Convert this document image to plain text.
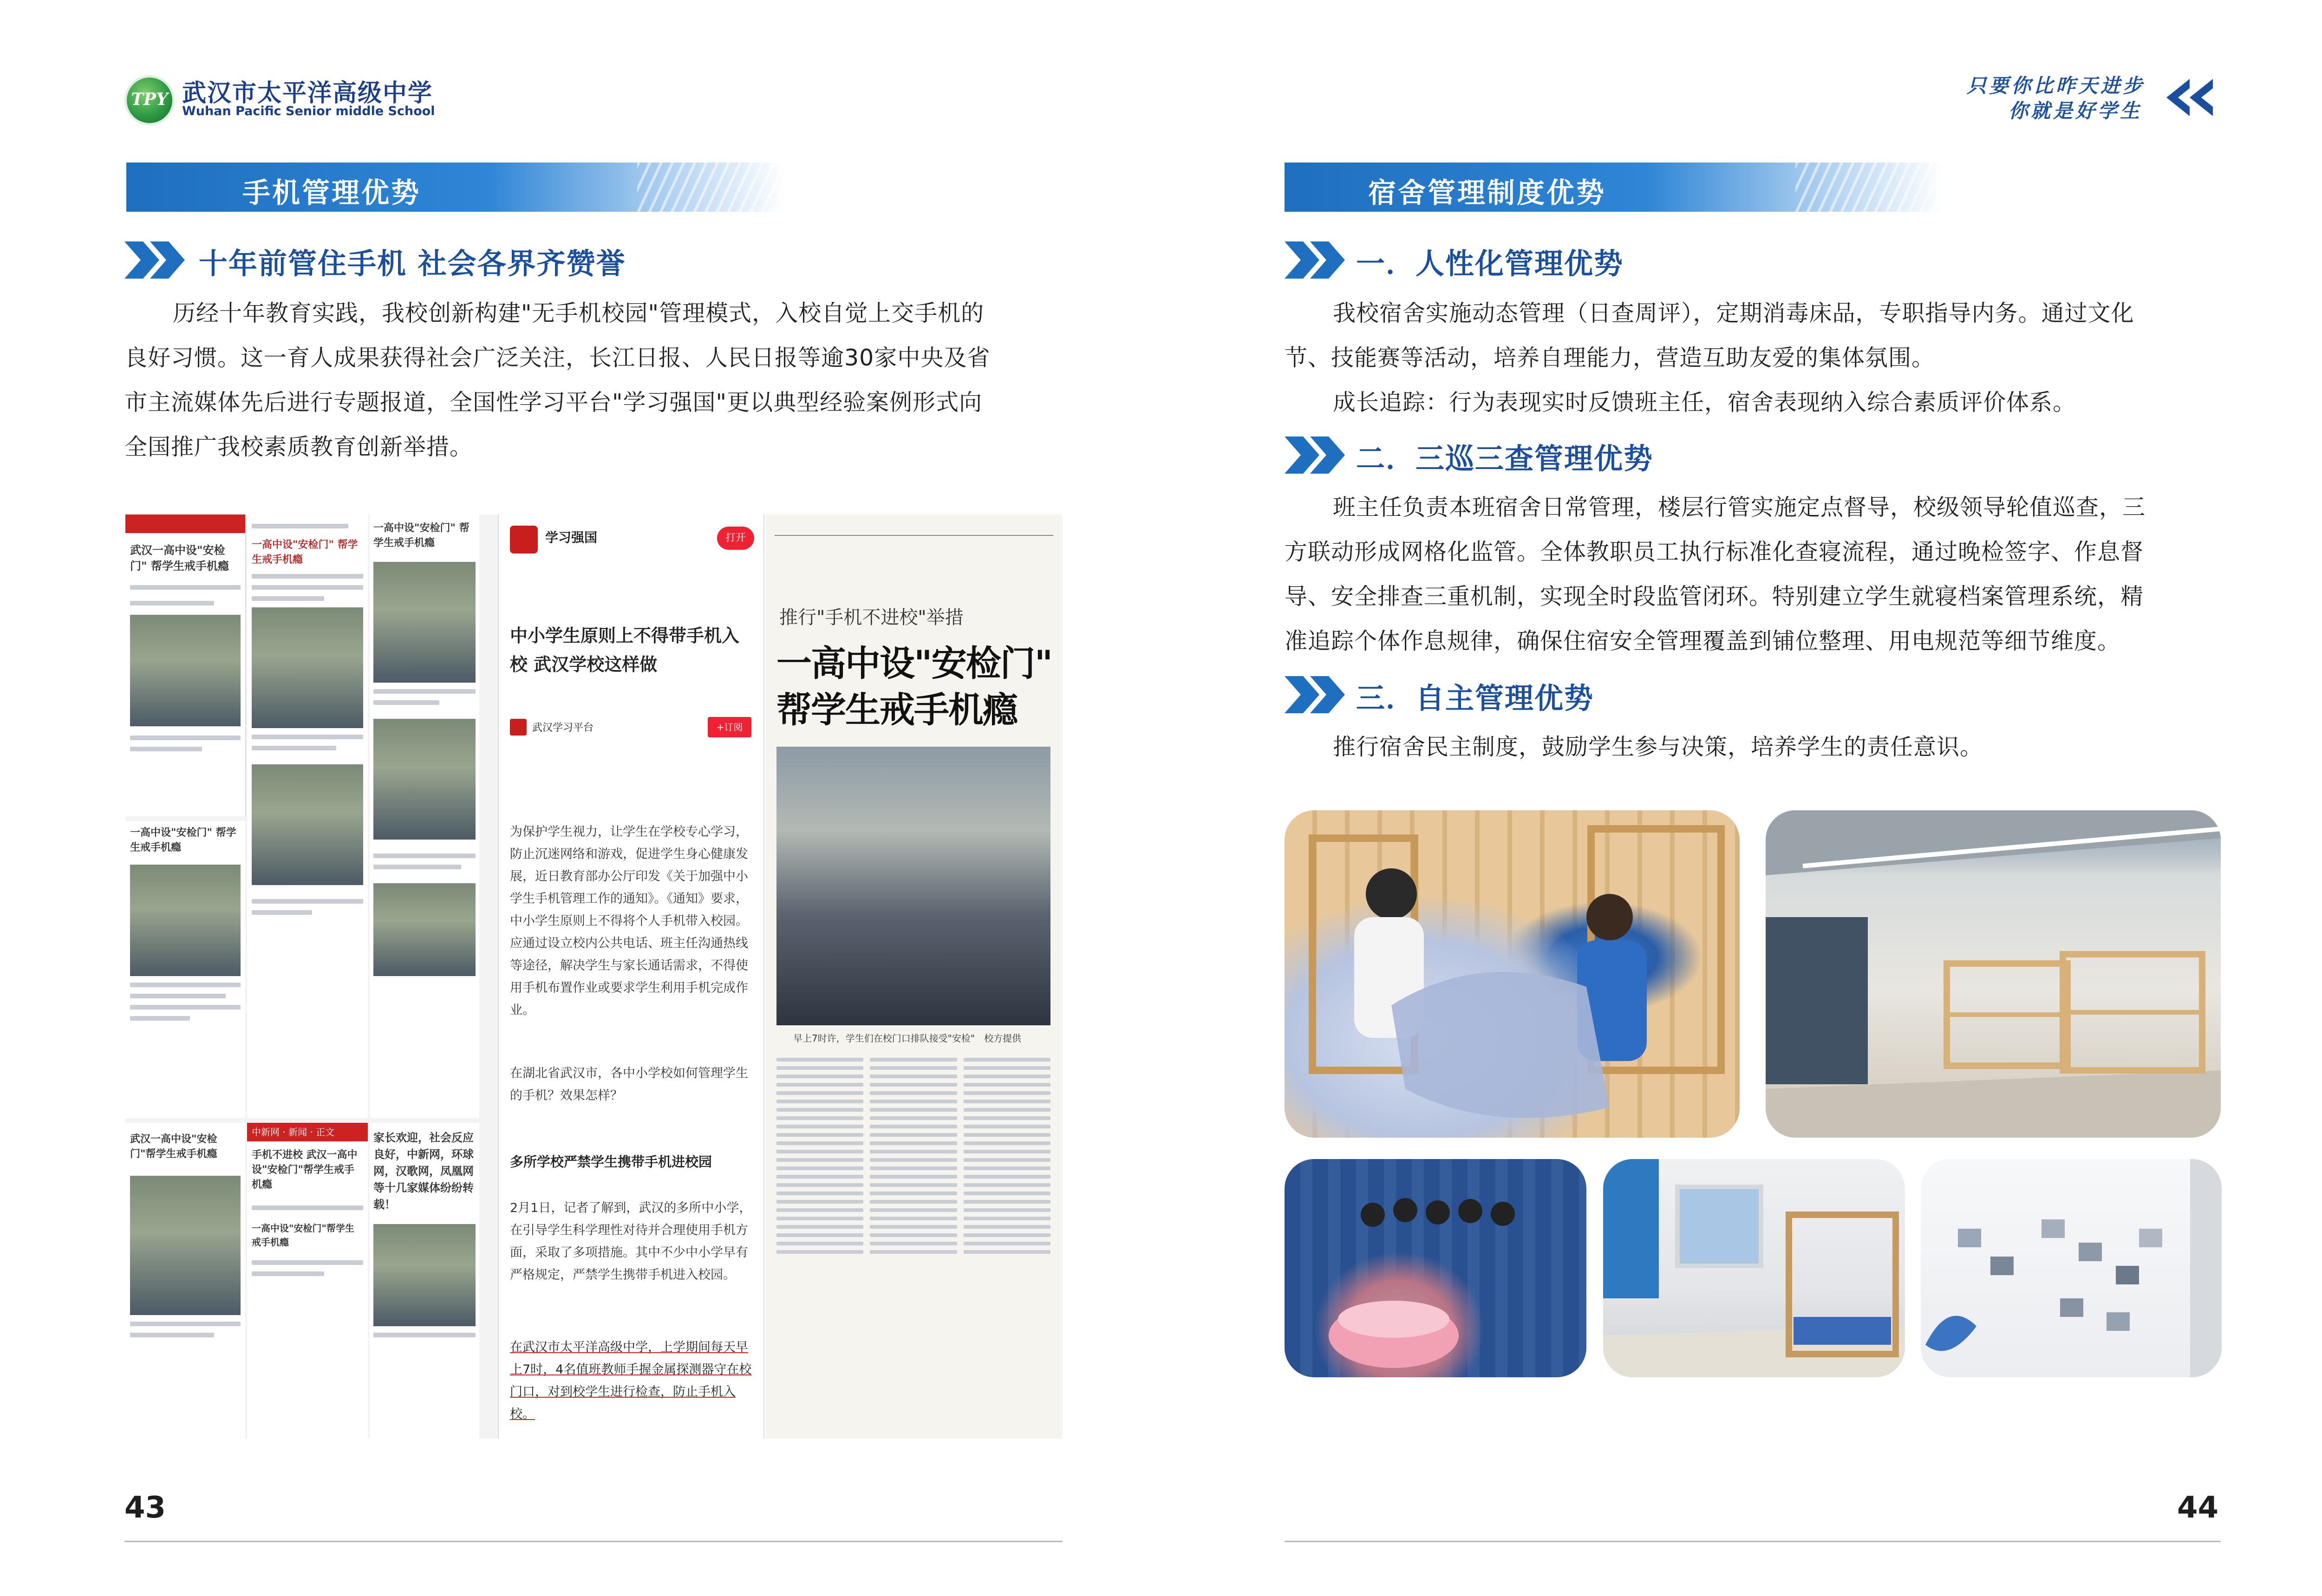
TPY 武汉市太平洋高级中学
Wuhan Pacific Senior middle School
只要你比昨天进步
你就是好学生
手机管理优势
十年前管住手机 社会各界齐赞誉
历经十年教育实践，我校创新构建"无手机校园"管理模式，入校自觉上交手机的
良好习惯。这一育人成果获得社会广泛关注，长江日报、人民日报等逾30家中央及省
市主流媒体先后进行专题报道，全国性学习平台"学习强国"更以典型经验案例形式向
全国推广我校素质教育创新举措。
武汉一高中设"安检门" 帮学生戒手机瘾
一高中设"安检门" 帮学生戒手机瘾
武汉一高中设"安检门"帮学生戒手机瘾
一高中设"安检门" 帮学生戒手机瘾
中新网 · 新闻 · 正文
手机不进校 武汉一高中设"安检门"帮学生戒手机瘾
一高中设"安检门"帮学生戒手机瘾
一高中设"安检门" 帮学生戒手机瘾
家长欢迎，社会反应良好，中新网，环球网，汉歌网，凤凰网等十几家媒体纷纷转载！
学习强国	打开
中小学生原则上不得带手机入校 武汉学校这样做
武汉学习平台	+订阅
为保护学生视力，让学生在学校专心学习，防止沉迷网络和游戏，促进学生身心健康发展，近日教育部办公厅印发《关于加强中小学生手机管理工作的通知》。《通知》要求，中小学生原则上不得将个人手机带入校园。应通过设立校内公共电话、班主任沟通热线等途径，解决学生与家长通话需求，不得使用手机布置作业或要求学生利用手机完成作业。
在湖北省武汉市，各中小学校如何管理学生的手机？效果怎样？
多所学校严禁学生携带手机进校园
2月1日，记者了解到，武汉的多所中小学，在引导学生科学理性对待并合理使用手机方面，采取了多项措施。其中不少中小学早有严格规定，严禁学生携带手机进入校园。
在武汉市太平洋高级中学，上学期间每天早上7时，4名值班教师手握金属探测器守在校门口，对到校学生进行检查，防止手机入校。
推行"手机不进校"举措
一高中设"安检门"
帮学生戒手机瘾
早上7时许，学生们在校门口排队接受"安检"　校方提供
宿舍管理制度优势
一．人性化管理优势
我校宿舍实施动态管理（日查周评），定期消毒床品，专职指导内务。通过文化
节、技能赛等活动，培养自理能力，营造互助友爱的集体氛围。
成长追踪：行为表现实时反馈班主任，宿舍表现纳入综合素质评价体系。
二．三巡三查管理优势
班主任负责本班宿舍日常管理，楼层行管实施定点督导，校级领导轮值巡查，三
方联动形成网格化监管。全体教职员工执行标准化查寝流程，通过晚检签字、作息督
导、安全排查三重机制，实现全时段监管闭环。特别建立学生就寝档案管理系统，精
准追踪个体作息规律，确保住宿安全管理覆盖到铺位整理、用电规范等细节维度。
三．自主管理优势
推行宿舍民主制度，鼓励学生参与决策，培养学生的责任意识。
43	44
